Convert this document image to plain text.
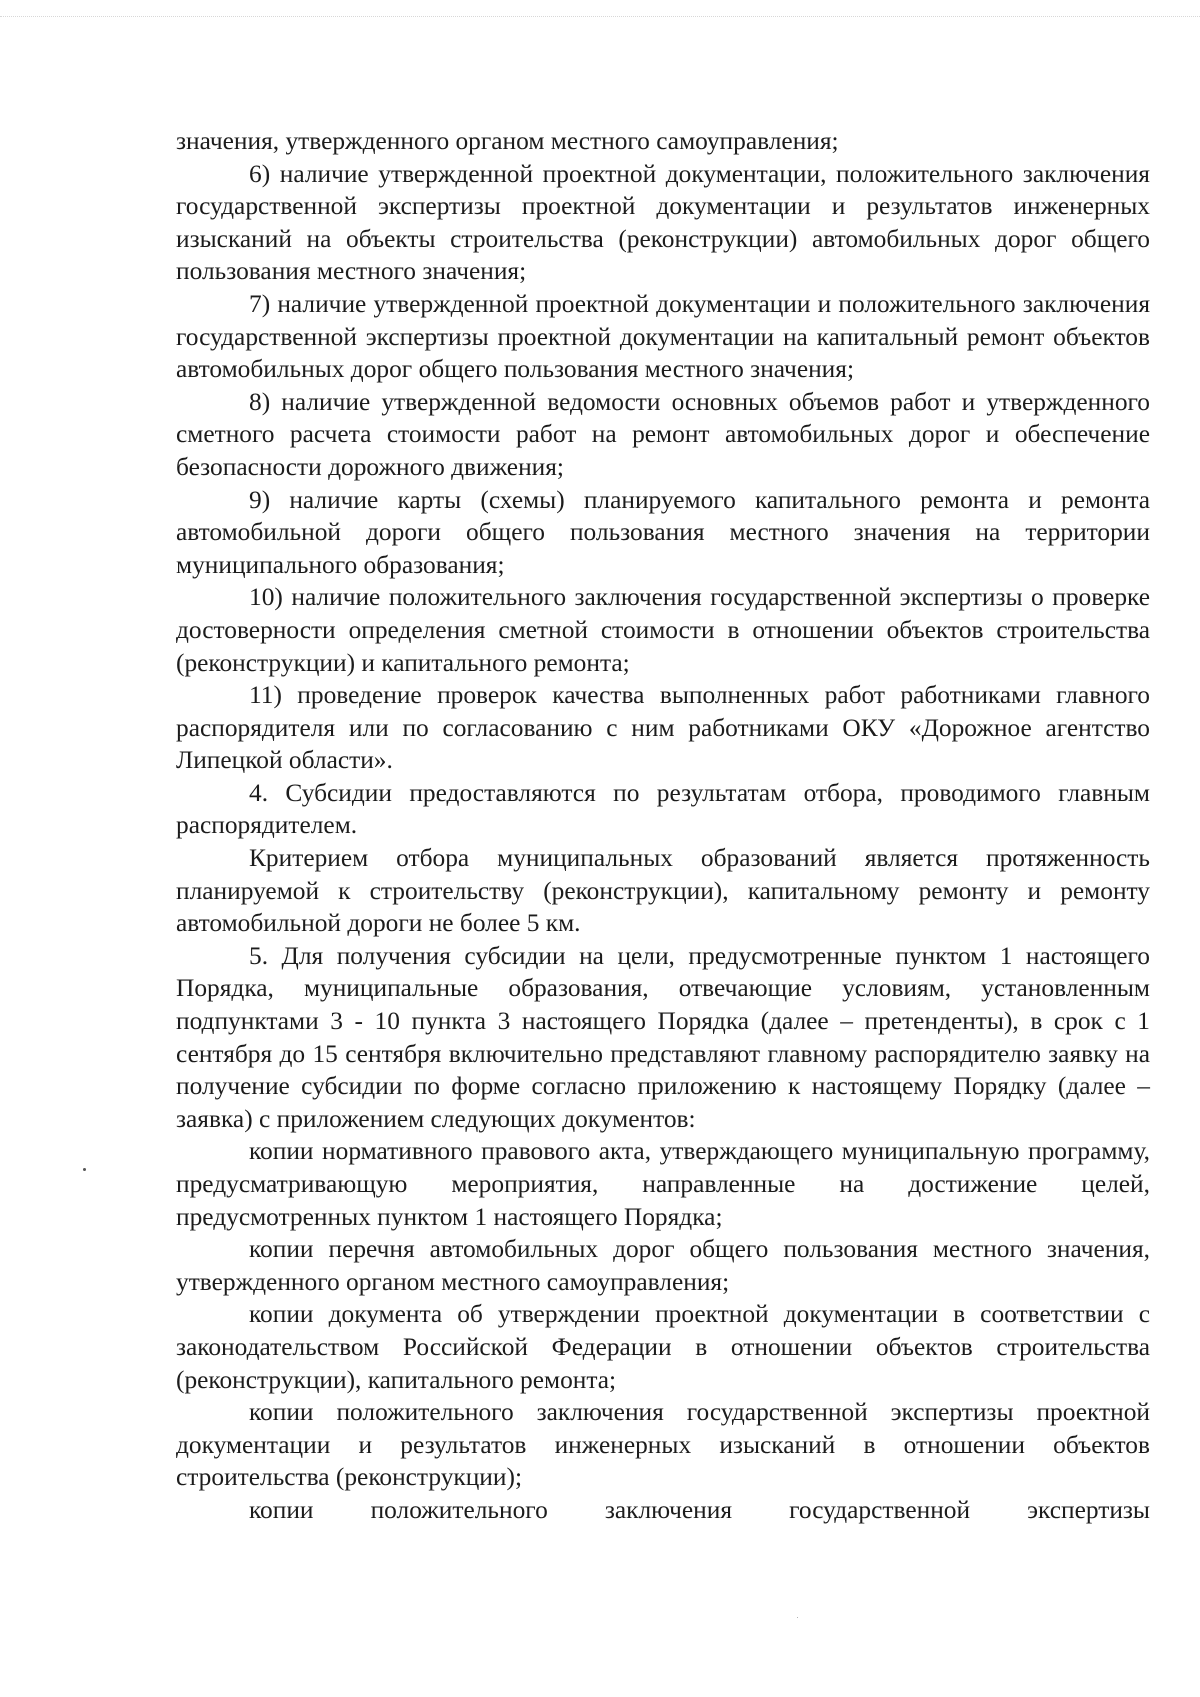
значения, утвержденного органом местного самоуправления;

6) наличие утвержденной проектной документации, положительного заключения государственной экспертизы проектной документации и результатов инженерных изысканий на объекты строительства (реконструкции) автомобильных дорог общего пользования местного значения;

7) наличие утвержденной проектной документации и положительного заключения государственной экспертизы проектной документации на капитальный ремонт объектов автомобильных дорог общего пользования местного значения;

8) наличие утвержденной ведомости основных объемов работ и утвержденного сметного расчета стоимости работ на ремонт автомобильных дорог и обеспечение безопасности дорожного движения;

9) наличие карты (схемы) планируемого капитального ремонта и ремонта автомобильной дороги общего пользования местного значения на территории муниципального образования;

10) наличие положительного заключения государственной экспертизы о проверке достоверности определения сметной стоимости в отношении объектов строительства (реконструкции) и капитального ремонта;

11) проведение проверок качества выполненных работ работниками главного распорядителя или по согласованию с ним работниками ОКУ «Дорожное агентство Липецкой области».

4. Субсидии предоставляются по результатам отбора, проводимого главным распорядителем.

Критерием отбора муниципальных образований является протяженность планируемой к строительству (реконструкции), капитальному ремонту и ремонту автомобильной дороги не более 5 км.

5. Для получения субсидии на цели, предусмотренные пунктом 1 настоящего Порядка, муниципальные образования, отвечающие условиям, установленным подпунктами 3 - 10 пункта 3 настоящего Порядка (далее – претенденты), в срок с 1 сентября до 15 сентября включительно представляют главному распорядителю заявку на получение субсидии по форме согласно приложению к настоящему Порядку (далее – заявка) с приложением следующих документов:

копии нормативного правового акта, утверждающего муниципальную программу, предусматривающую мероприятия, направленные на достижение целей, предусмотренных пунктом 1 настоящего Порядка;

копии перечня автомобильных дорог общего пользования местного значения, утвержденного органом местного самоуправления;

копии документа об утверждении проектной документации в соответствии с законодательством Российской Федерации в отношении объектов строительства (реконструкции), капитального ремонта;

копии положительного заключения государственной экспертизы проектной документации и результатов инженерных изысканий в отношении объектов строительства (реконструкции);

копии положительного заключения государственной экспертизы
